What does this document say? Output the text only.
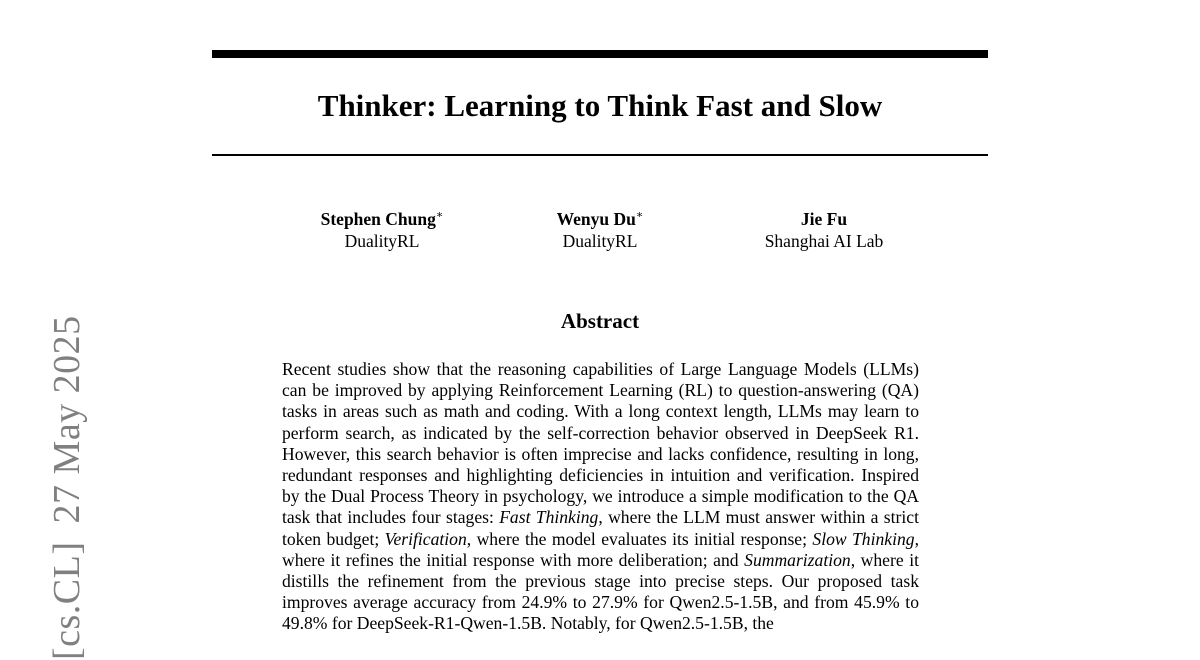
Thinker: Learning to Think Fast and Slow
Stephen Chung∗
DualityRL
Wenyu Du∗
DualityRL
Jie Fu
Shanghai AI Lab
Abstract

Recent studies show that the reasoning capabilities of Large Language Models (LLMs) can be improved by applying Reinforcement Learning (RL) to question-answering (QA) tasks in areas such as math and coding. With a long context length, LLMs may learn to perform search, as indicated by the self-correction behavior observed in DeepSeek R1. However, this search behavior is often imprecise and lacks confidence, resulting in long, redundant responses and highlighting deficiencies in intuition and verification. Inspired by the Dual Process Theory in psychology, we introduce a simple modification to the QA task that includes four stages: Fast Thinking, where the LLM must answer within a strict token budget; Verification, where the model evaluates its initial response; Slow Thinking, where it refines the initial response with more deliberation; and Summarization, where it distills the refinement from the previous stage into precise steps. Our proposed task improves average accuracy from 24.9% to 27.9% for Qwen2.5-1.5B, and from 45.9% to 49.8% for DeepSeek-R1-Qwen-1.5B. Notably, for Qwen2.5-1.5B, the

[cs.CL]27 May 2025
